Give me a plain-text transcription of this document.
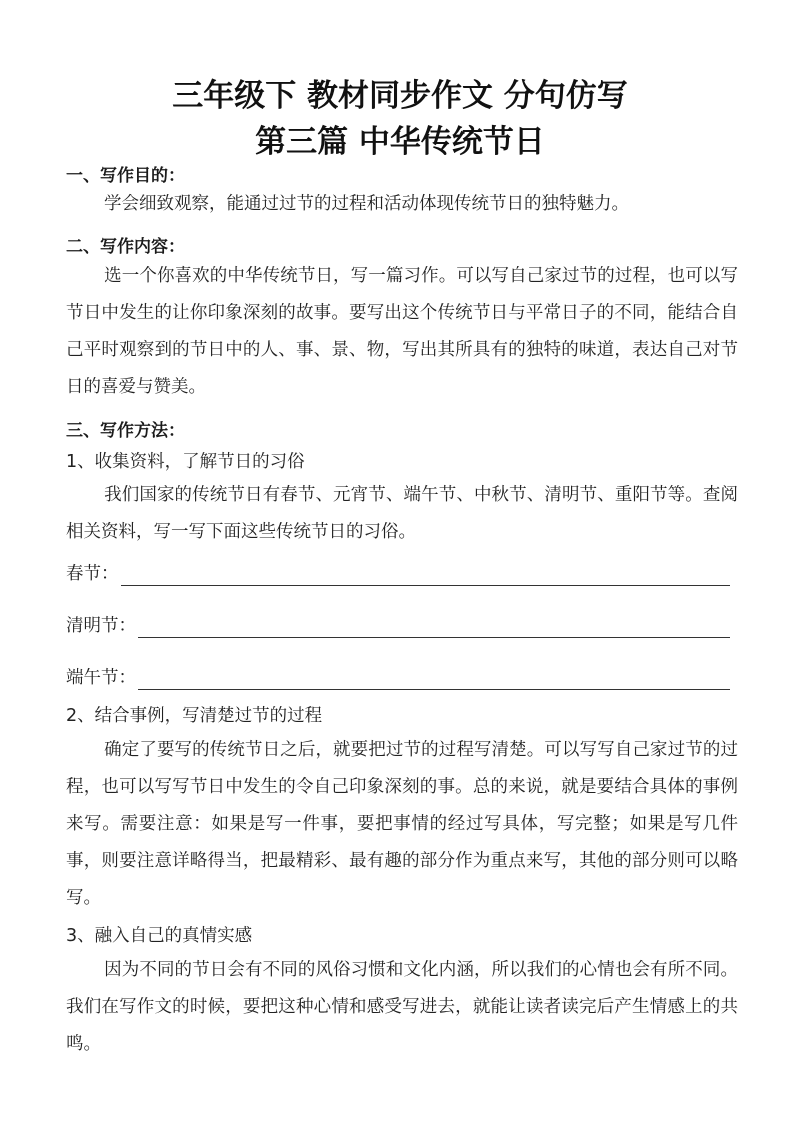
三年级下 教材同步作文 分句仿写
第三篇 中华传统节日
一、写作目的：
学会细致观察，能通过过节的过程和活动体现传统节日的独特魅力。
二、写作内容：
选一个你喜欢的中华传统节日，写一篇习作。可以写自己家过节的过程，也可以写节日中发生的让你印象深刻的故事。要写出这个传统节日与平常日子的不同，能结合自己平时观察到的节日中的人、事、景、物，写出其所具有的独特的味道，表达自己对节日的喜爱与赞美。
三、写作方法：
1、收集资料，了解节日的习俗
我们国家的传统节日有春节、元宵节、端午节、中秋节、清明节、重阳节等。查阅相关资料，写一写下面这些传统节日的习俗。
春节：
清明节：
端午节：
2、结合事例，写清楚过节的过程
确定了要写的传统节日之后，就要把过节的过程写清楚。可以写写自己家过节的过程，也可以写写节日中发生的令自己印象深刻的事。总的来说，就是要结合具体的事例来写。需要注意：如果是写一件事，要把事情的经过写具体，写完整；如果是写几件事，则要注意详略得当，把最精彩、最有趣的部分作为重点来写，其他的部分则可以略写。
3、融入自己的真情实感
因为不同的节日会有不同的风俗习惯和文化内涵，所以我们的心情也会有所不同。我们在写作文的时候，要把这种心情和感受写进去，就能让读者读完后产生情感上的共鸣。
